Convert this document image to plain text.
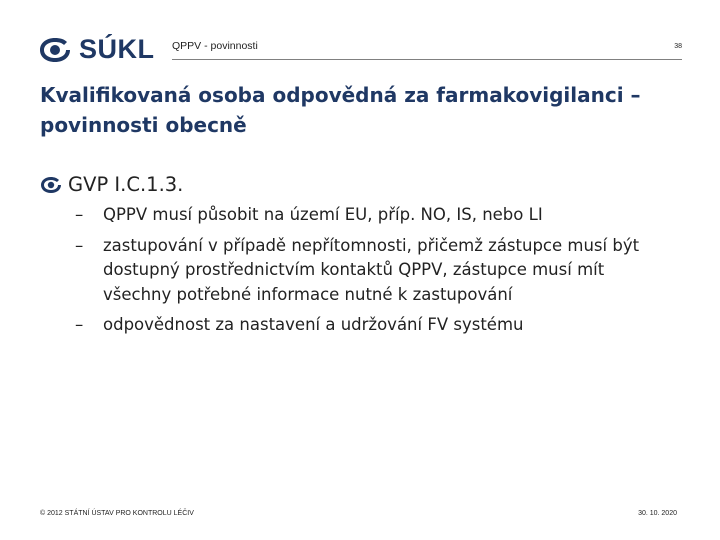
SÚKL QPPV - povinnosti	38
Kvalifikovaná osoba odpovědná za farmakovigilanci – povinnosti obecně
GVP I.C.1.3.
– QPPV musí působit na území EU, příp. NO, IS, nebo LI
– zastupování v případě nepřítomnosti, přičemž zástupce musí být dostupný prostřednictvím kontaktů QPPV, zástupce musí mít všechny potřebné informace nutné k zastupování
– odpovědnost za nastavení a udržování FV systému
© 2012 STÁTNÍ ÚSTAV PRO KONTROLU LÉČIV	30. 10. 2020
